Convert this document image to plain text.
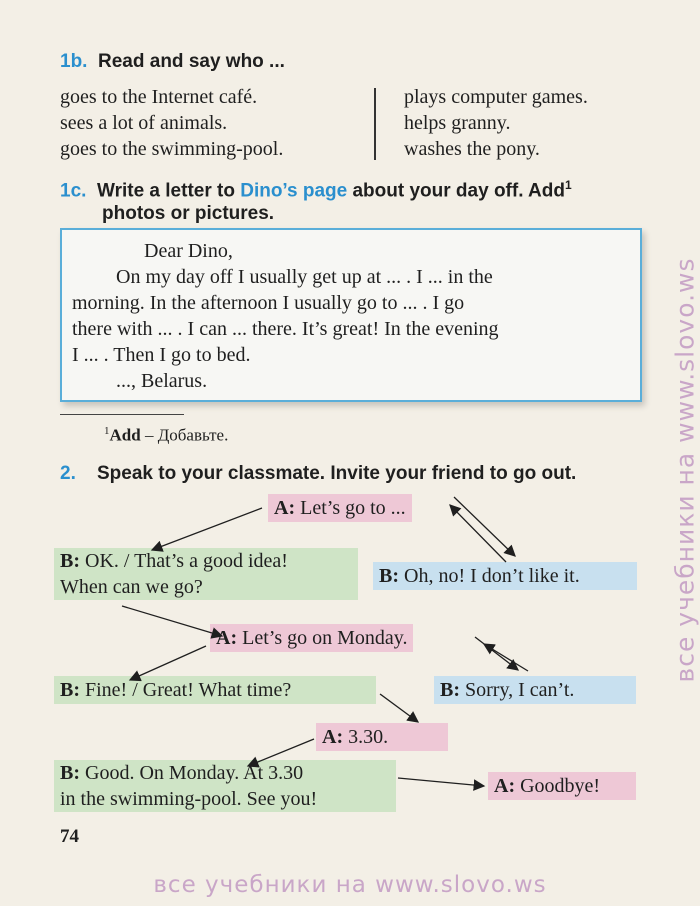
1b. Read and say who ...
goes to the Internet café.
sees a lot of animals.
goes to the swimming-pool.
plays computer games.
helps granny.
washes the pony.
1c. Write a letter to Dino’s page about your day off. Add$^1$
photos or pictures.
Dear Dino,
On my day off I usually get up at ... . I ... in the
morning. In the afternoon I usually go to ... . I go
there with ... . I can ... there. It’s great! In the evening
I ... . Then I go to bed.
..., Belarus.
$^1$Add – Добавьте.
2. Speak to your classmate. Invite your friend to go out.
A: Let’s go to ...
B: OK. / That’s a good idea!
When can we go?	B: Oh, no! I don’t like it.
A: Let’s go on Monday.
B: Fine! / Great! What time?	B: Sorry, I can’t.
A: 3.30.
B: Good. On Monday. At 3.30
in the swimming-pool. See you!
A: Goodbye!
74
все учебники на www.slovo.ws
все учебники на www.slovo.ws
